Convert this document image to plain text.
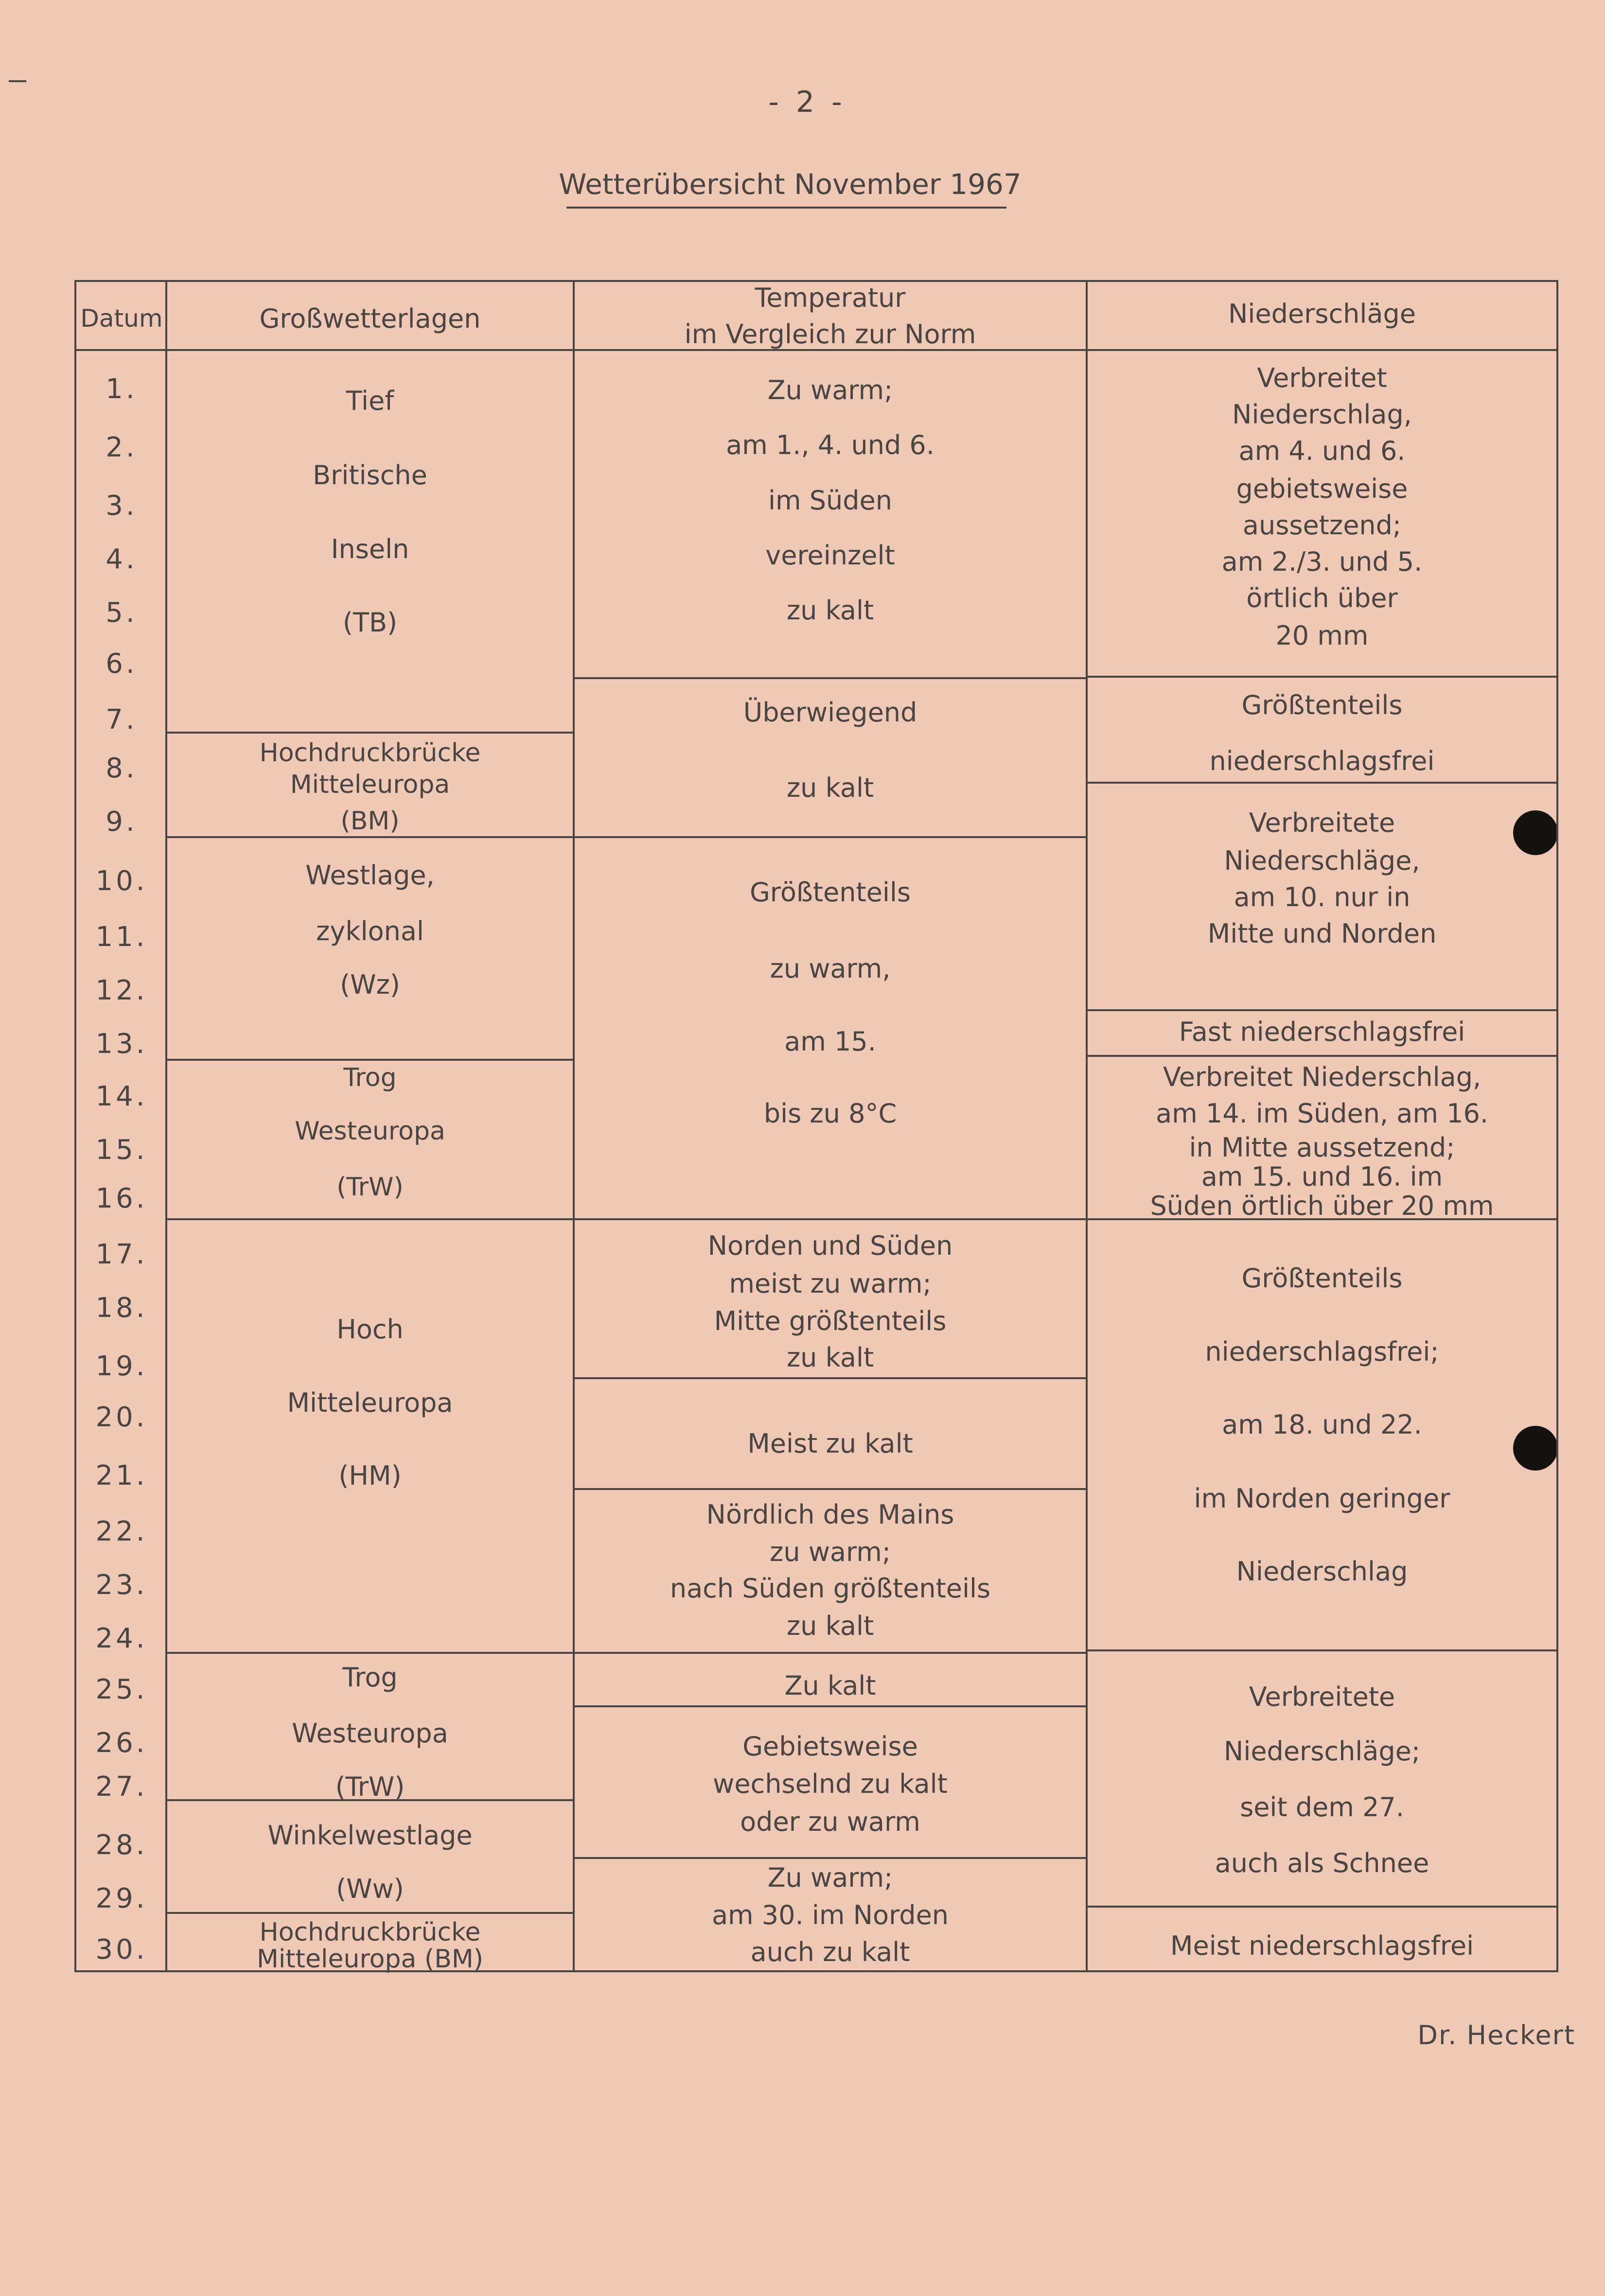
- 2 -
Wetterübersicht November 1967
Datum	Großwetterlagen
Temperatur
im Vergleich zur Norm
Niederschläge
1.
2.
3.
4.
5.
6.
7.
8.
9.
10.
11.
12.
13.
14.
15.
16.
17.
18.
19.
20.
21.
22.
23.
24.
25.
26.
27.
28.
29.
30.
Tief
Britische
Inseln
(TB)
Hochdruckbrücke
Mitteleuropa
(BM)
Westlage,
zyklonal
(Wz)
Trog
Westeuropa
(TrW)
Hoch
Mitteleuropa
(HM)
Trog
Westeuropa
(TrW)
Winkelwestlage
(Ww)
Hochdruckbrücke
Mitteleuropa (BM)
Zu warm;
am 1., 4. und 6.
im Süden
vereinzelt
zu kalt
Überwiegend
zu kalt
Größtenteils
zu warm,
am 15.
bis zu 8°C
Norden und Süden
meist zu warm;
Mitte größtenteils
zu kalt
Meist zu kalt
Nördlich des Mains
zu warm;
nach Süden größtenteils
zu kalt
Zu kalt
Gebietsweise
wechselnd zu kalt
oder zu warm
Zu warm;
am 30. im Norden
auch zu kalt
Verbreitet
Niederschlag,
am 4. und 6.
gebietsweise
aussetzend;
am 2./3. und 5.
örtlich über
20 mm
Größtenteils
niederschlagsfrei
Verbreitete
Niederschläge,
am 10. nur in
Mitte und Norden
Fast niederschlagsfrei
Verbreitet Niederschlag,
am 14. im Süden, am 16.
in Mitte aussetzend;
am 15. und 16. im
Süden örtlich über 20 mm
Größtenteils
niederschlagsfrei;
am 18. und 22.
im Norden geringer
Niederschlag
Verbreitete
Niederschläge;
seit dem 27.
auch als Schnee
Meist niederschlagsfrei
Dr. Heckert
